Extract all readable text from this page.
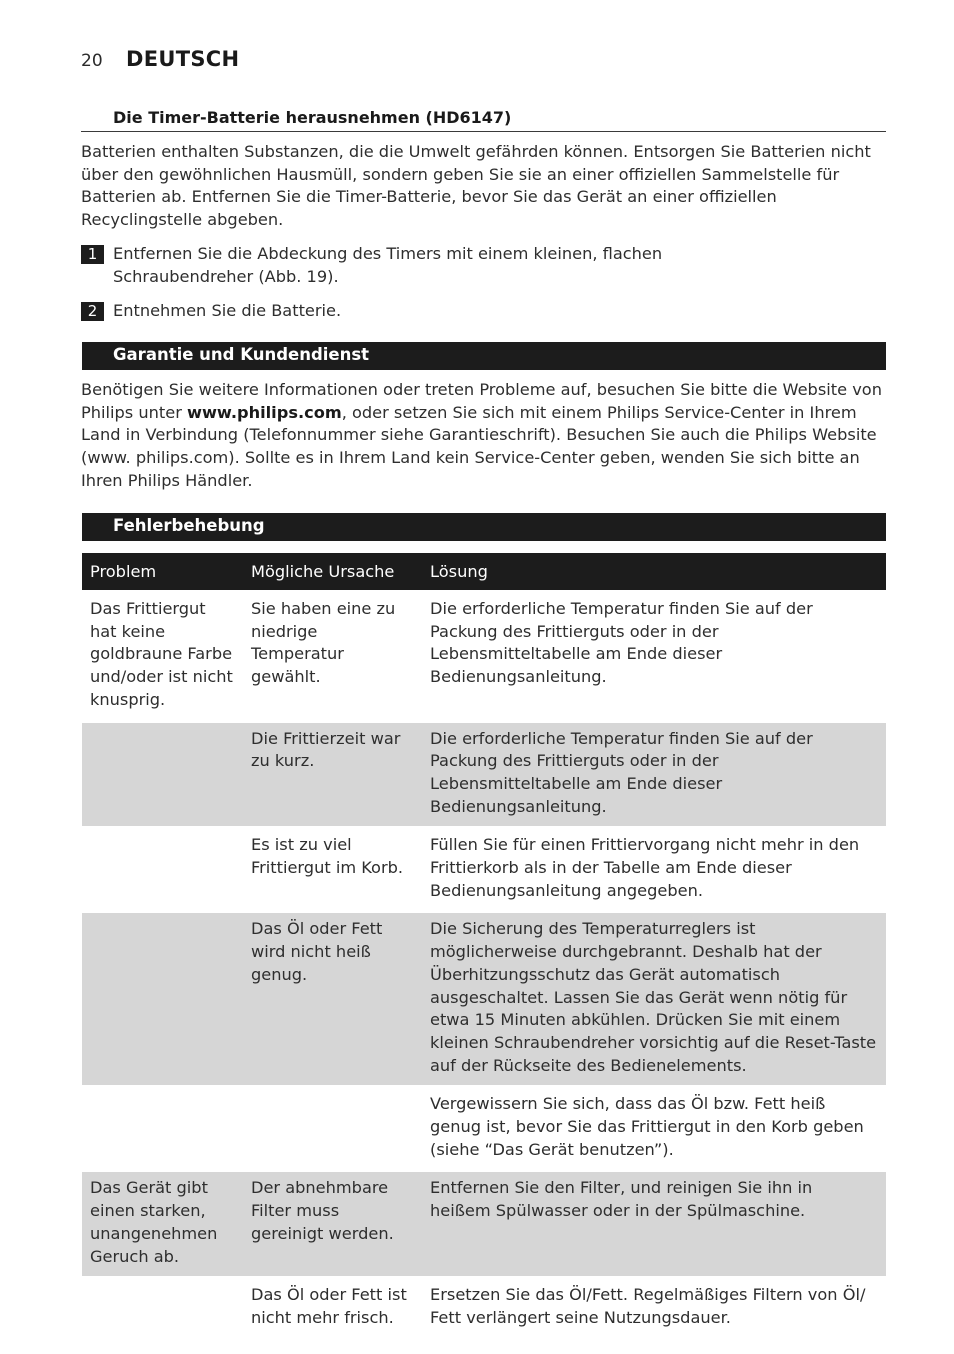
20 DEUTSCH
Die Timer-Batterie herausnehmen (HD6147)

Batterien enthalten Substanzen, die die Umwelt gefährden können. Entsorgen Sie Batterien nicht über den gewöhnlichen Hausmüll, sondern geben Sie sie an einer offiziellen Sammelstelle für Batterien ab. Entfernen Sie die Timer-Batterie, bevor Sie das Gerät an einer offiziellen Recyclingstelle abgeben.

1 Entfernen Sie die Abdeckung des Timers mit einem kleinen, flachen
Schraubendreher (Abb. 19).

2 Entnehmen Sie die Batterie.

Garantie und Kundendienst

Benötigen Sie weitere Informationen oder treten Probleme auf, besuchen Sie bitte die Website von Philips unter www.philips.com, oder setzen Sie sich mit einem Philips Service-Center in Ihrem Land in Verbindung (Telefonnummer siehe Garantieschrift). Besuchen Sie auch die Philips Website (www. philips.com). Sollte es in Ihrem Land kein Service-Center geben, wenden Sie sich bitte an Ihren Philips Händler.

Fehlerbehebung
Problem	Mögliche Ursache	Lösung
Das Frittiergut hat keine goldbraune Farbe und/oder ist nicht knusprig.	Sie haben eine zu niedrige Temperatur gewählt.	Die erforderliche Temperatur finden Sie auf der Packung des Frittierguts oder in der Lebensmitteltabelle am Ende dieser Bedienungsanleitung.
	Die Frittierzeit war zu kurz.	Die erforderliche Temperatur finden Sie auf der Packung des Frittierguts oder in der Lebensmitteltabelle am Ende dieser Bedienungsanleitung.
	Es ist zu viel Frittiergut im Korb.	Füllen Sie für einen Frittiervorgang nicht mehr in den Frittierkorb als in der Tabelle am Ende dieser Bedienungsanleitung angegeben.
	Das Öl oder Fett wird nicht heiß genug.	Die Sicherung des Temperaturreglers ist möglicherweise durchgebrannt. Deshalb hat der Überhitzungsschutz das Gerät automatisch ausgeschaltet. Lassen Sie das Gerät wenn nötig für etwa 15 Minuten abkühlen. Drücken Sie mit einem kleinen Schraubendreher vorsichtig auf die Reset-Taste auf der Rückseite des Bedienelements.
		Vergewissern Sie sich, dass das Öl bzw. Fett heiß genug ist, bevor Sie das Frittiergut in den Korb geben (siehe “Das Gerät benutzen”).
Das Gerät gibt einen starken, unangenehmen Geruch ab.	Der abnehmbare Filter muss gereinigt werden.	Entfernen Sie den Filter, und reinigen Sie ihn in heißem Spülwasser oder in der Spülmaschine.
	Das Öl oder Fett ist nicht mehr frisch.	Ersetzen Sie das Öl/Fett. Regelmäßiges Filtern von Öl/ Fett verlängert seine Nutzungsdauer.
